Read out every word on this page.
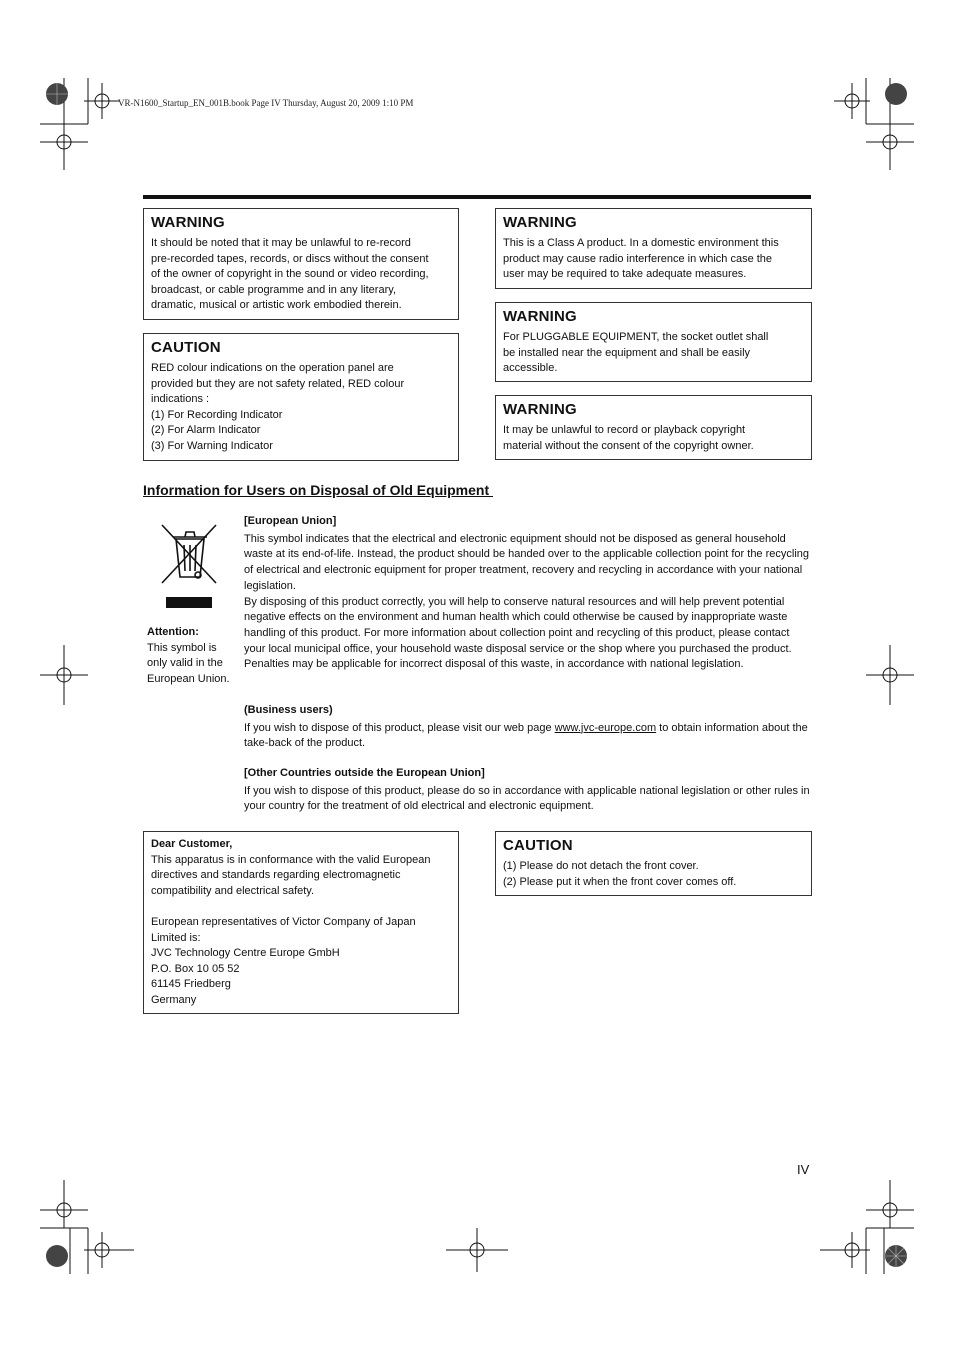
VR-N1600_Startup_EN_001B.book Page IV Thursday, August 20, 2009 1:10 PM
WARNING

It should be noted that it may be unlawful to re-record
pre-recorded tapes, records, or discs without the consent
of the owner of copyright in the sound or video recording,
broadcast, or cable programme and in any literary,
dramatic, musical or artistic work embodied therein.

CAUTION

RED colour indications on the operation panel are
provided but they are not safety related, RED colour
indications :
(1) For Recording Indicator
(2) For Alarm Indicator
(3) For Warning Indicator

WARNING

This is a Class A product. In a domestic environment this
product may cause radio interference in which case the
user may be required to take adequate measures.

WARNING

For PLUGGABLE EQUIPMENT, the socket outlet shall
be installed near the equipment and shall be easily
accessible.

WARNING

It may be unlawful to record or playback copyright
material without the consent of the copyright owner.

Information for Users on Disposal of Old Equipment
Attention:
This symbol is only valid in the European Union.

[European Union]

This symbol indicates that the electrical and electronic equipment should not be disposed as general household waste at its end-of-life. Instead, the product should be handed over to the applicable collection point for the recycling of electrical and electronic equipment for proper treatment, recovery and recycling in accordance with your national legislation.

By disposing of this product correctly, you will help to conserve natural resources and will help prevent potential negative effects on the environment and human health which could otherwise be caused by inappropriate waste handling of this product. For more information about collection point and recycling of this product, please contact your local municipal office, your household waste disposal service or the shop where you purchased the product.

Penalties may be applicable for incorrect disposal of this waste, in accordance with national legislation.

(Business users)

If you wish to dispose of this product, please visit our web page www.jvc-europe.com to obtain information about the take-back of the product.

[Other Countries outside the European Union]

If you wish to dispose of this product, please do so in accordance with applicable national legislation or other rules in your country for the treatment of old electrical and electronic equipment.

Dear Customer,

This apparatus is in conformance with the valid European
directives and standards regarding electromagnetic
compatibility and electrical safety.

European representatives of Victor Company of Japan
Limited is:
JVC Technology Centre Europe GmbH
P.O. Box 10 05 52
61145 Friedberg
Germany

CAUTION

(1) Please do not detach the front cover.
(2) Please put it when the front cover comes off.

IV
